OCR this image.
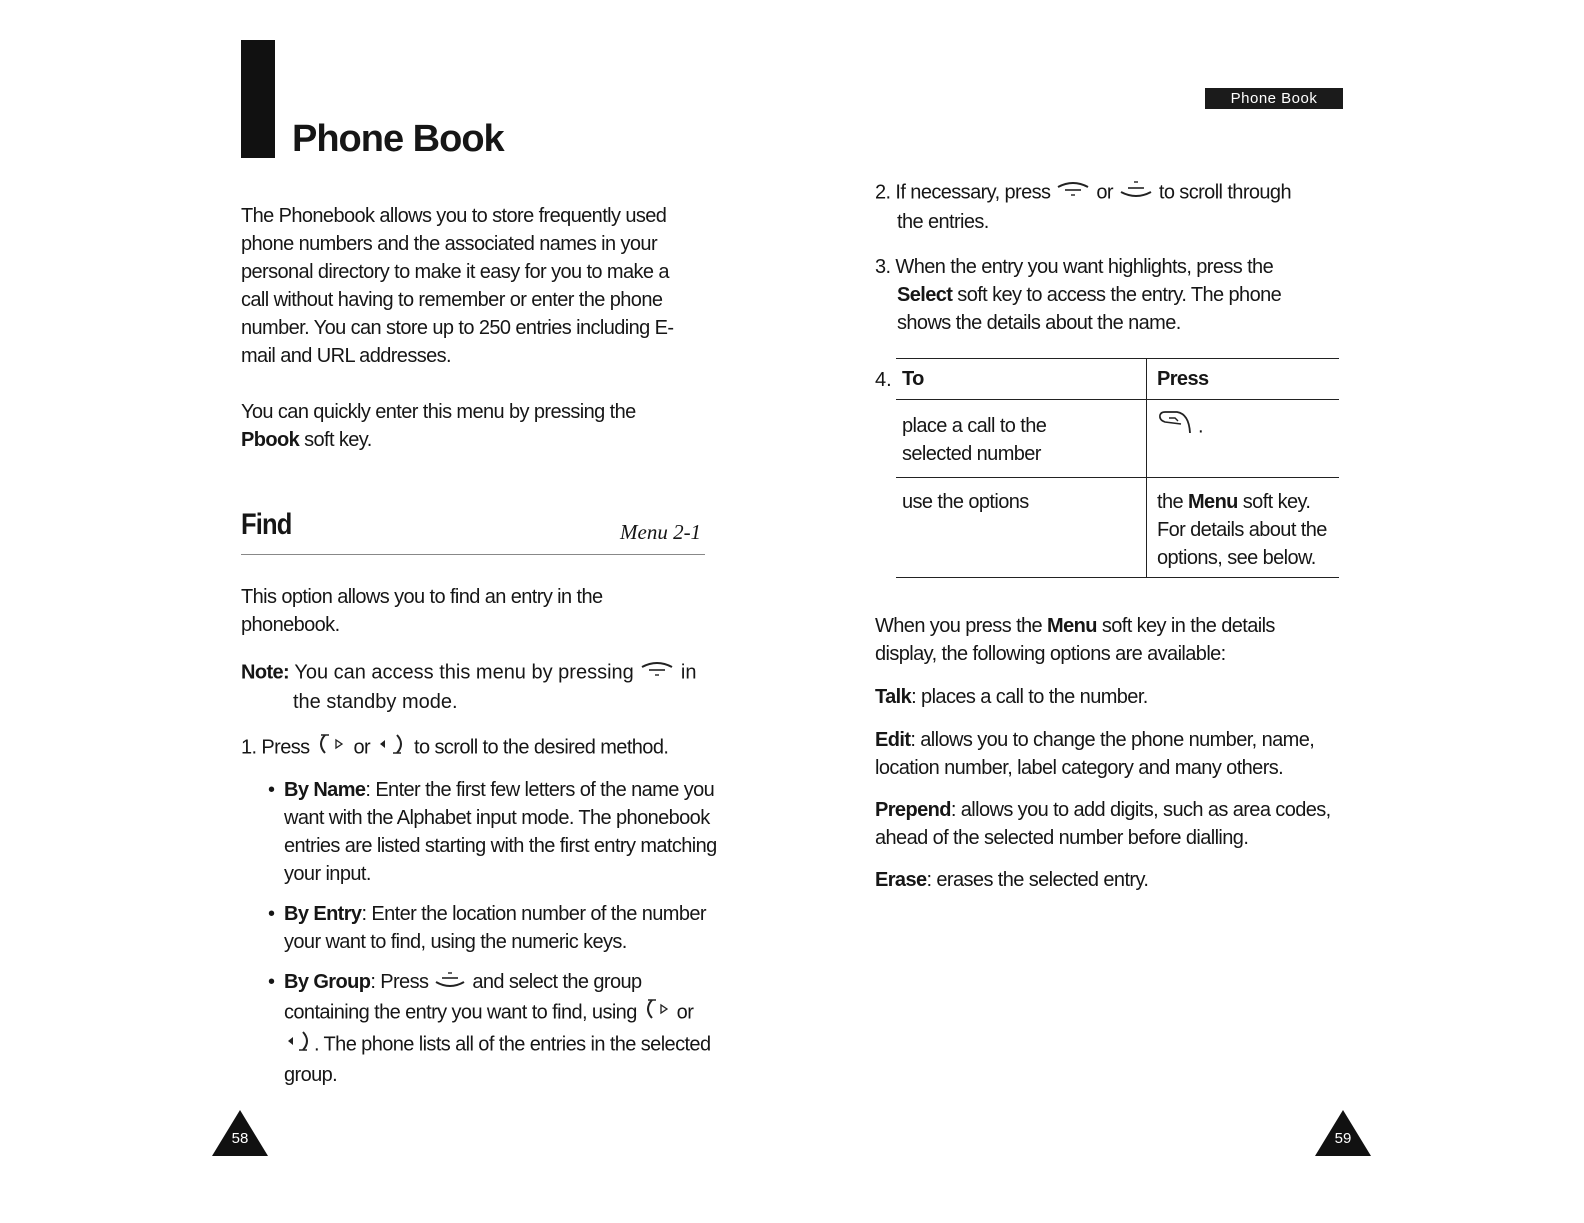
Phone Book
The Phonebook allows you to store frequently used phone numbers and the associated names in your personal directory to make it easy for you to make a call without having to remember or enter the phone number. You can store up to 250 entries including E-mail and URL addresses.
You can quickly enter this menu by pressing the Pbook soft key.
Find	Menu 2-1
This option allows you to find an entry in the phonebook.
Note: You can access this menu by pressing in
the standby mode.
1. Press or to scroll to the desired method.
• By Name: Enter the first few letters of the name you want with the Alphabet input mode. The phonebook entries are listed starting with the first entry matching your input.
• By Entry: Enter the location number of the number your want to find, using the numeric keys.
• By Group: Press and select the group containing the entry you want to find, using or . The phone lists all of the entries in the selected group.
58
Phone Book
2. If necessary, press or to scroll through
the entries.
3. When the entry you want highlights, press the
Select soft key to access the entry. The phone shows the details about the name.
4. To	Press

place a call to the selected number	.
use the options	the Menu soft key. For details about the options, see below.
When you press the Menu soft key in the details display, the following options are available:
Talk: places a call to the number.
Edit: allows you to change the phone number, name, location number, label category and many others.
Prepend: allows you to add digits, such as area codes, ahead of the selected number before dialling.
Erase: erases the selected entry.
59
